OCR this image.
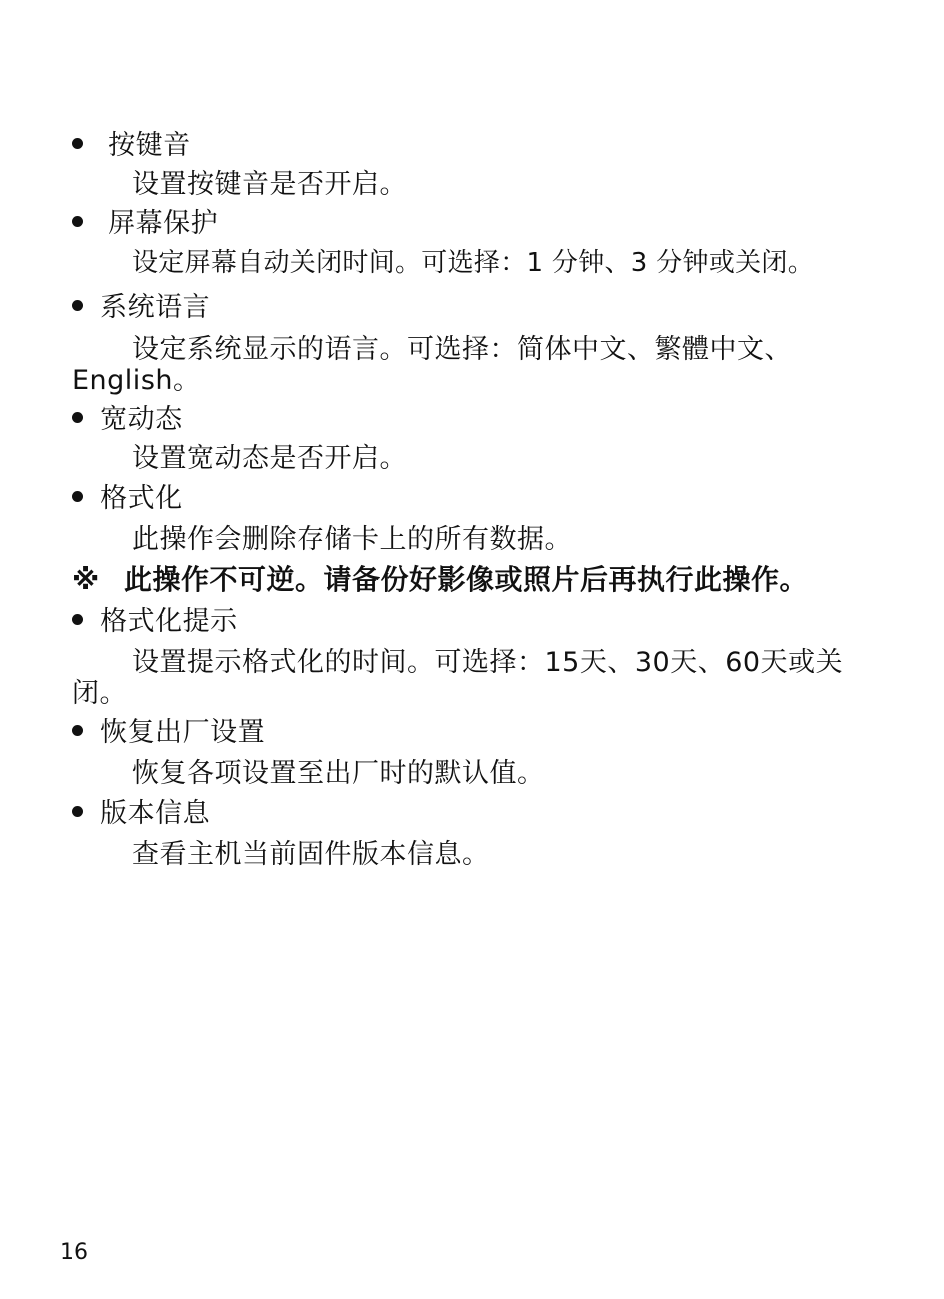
按键音
设置按键音是否开启。
屏幕保护
设定屏幕自动关闭时间。可选择：1 分钟、3 分钟或关闭。
系统语言
设定系统显示的语言。可选择：简体中文、繁體中文、
English。
宽动态
设置宽动态是否开启。
格式化
此操作会删除存储卡上的所有数据。
※ 此操作不可逆。请备份好影像或照片后再执行此操作。
格式化提示
设置提示格式化的时间。可选择：15天、30天、60天或关
闭。
恢复出厂设置
恢复各项设置至出厂时的默认值。
版本信息
查看主机当前固件版本信息。
16
